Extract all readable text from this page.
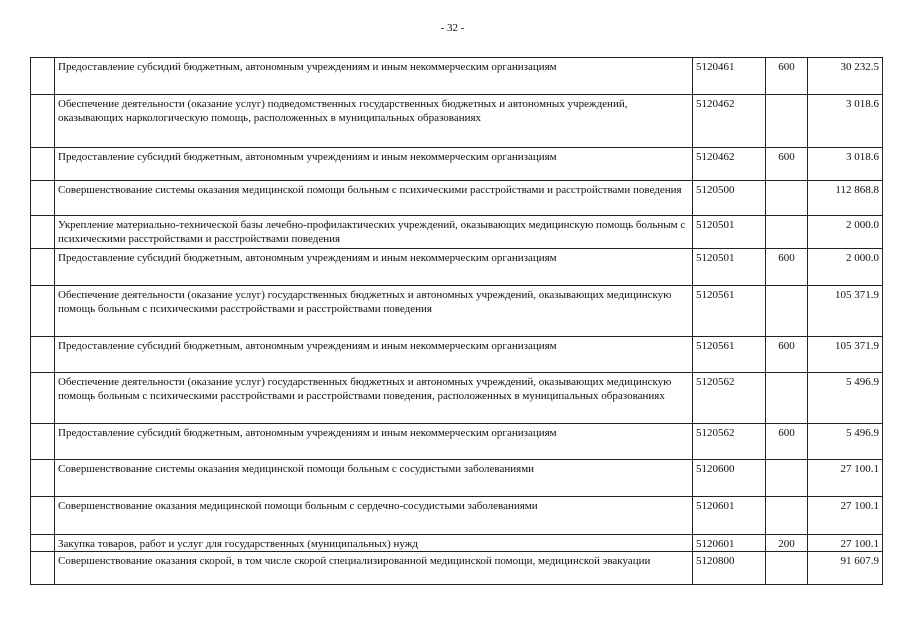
- 32 -
	Предоставление субсидий бюджетным, автономным учреждениям и иным некоммерческим организациям	5120461	600	30 232.5
	Обеспечение деятельности (оказание услуг) подведомственных государственных бюджетных и автономных учреждений, оказывающих наркологическую помощь, расположенных в муниципальных образованиях	5120462		3 018.6
	Предоставление субсидий бюджетным, автономным учреждениям и иным некоммерческим организациям	5120462	600	3 018.6
	Совершенствование системы оказания медицинской помощи больным с психическими расстройствами и расстройствами поведения	5120500		112 868.8
	Укрепление материально-технической базы лечебно-профилактических учреждений, оказывающих медицинскую помощь больным с психическими расстройствами и расстройствами поведения	5120501		2 000.0
	Предоставление субсидий бюджетным, автономным учреждениям и иным некоммерческим организациям	5120501	600	2 000.0
	Обеспечение деятельности (оказание услуг) государственных бюджетных и автономных учреждений, оказывающих медицинскую помощь больным с психическими расстройствами и расстройствами поведения	5120561		105 371.9
	Предоставление субсидий бюджетным, автономным учреждениям и иным некоммерческим организациям	5120561	600	105 371.9
	Обеспечение деятельности (оказание услуг) государственных бюджетных и автономных учреждений, оказывающих медицинскую помощь больным с психическими расстройствами и расстройствами поведения, расположенных в муниципальных образованиях	5120562		5 496.9
	Предоставление субсидий бюджетным, автономным учреждениям и иным некоммерческим организациям	5120562	600	5 496.9
	Совершенствование системы оказания медицинской помощи больным с сосудистыми заболеваниями	5120600		27 100.1
	Совершенствование оказания медицинской помощи больным с сердечно-сосудистыми заболеваниями	5120601		27 100.1
	Закупка товаров, работ и услуг для государственных (муниципальных) нужд	5120601	200	27 100.1
	Совершенствование оказания скорой, в том числе скорой специализированной медицинской помощи, медицинской эвакуации	5120800		91 607.9
